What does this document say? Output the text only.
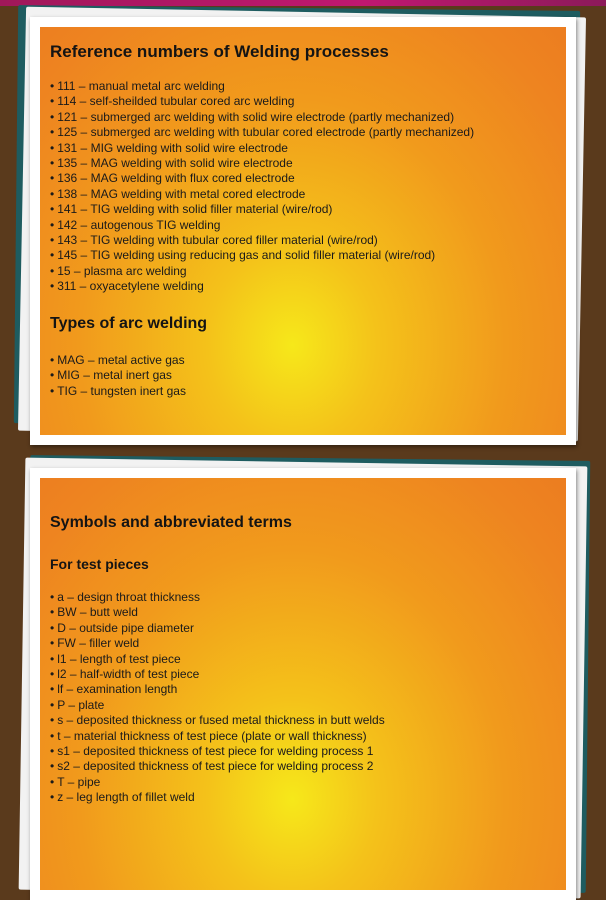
Reference numbers of Welding processes
• 111 – manual metal arc welding
• 114 – self-sheilded tubular cored arc welding
• 121 – submerged arc welding with solid wire electrode (partly mechanized)
• 125 – submerged arc welding with tubular cored electrode (partly mechanized)
• 131 – MIG welding with solid wire electrode
• 135 – MAG welding with solid wire electrode
• 136 – MAG welding with flux cored electrode
• 138 – MAG welding with metal cored electrode
• 141 – TIG welding with solid filler material (wire/rod)
• 142 – autogenous TIG welding
• 143 – TIG welding with tubular cored filler material (wire/rod)
• 145 – TIG welding using reducing gas and solid filler material (wire/rod)
• 15 – plasma arc welding
• 311 – oxyacetylene welding
Types of arc welding
• MAG – metal active gas
• MIG – metal inert gas
• TIG – tungsten inert gas
Symbols and abbreviated terms
For test pieces
• a – design throat thickness
• BW – butt weld
• D – outside pipe diameter
• FW – filler weld
• l1 – length of test piece
• l2 – half-width of test piece
• lf – examination length
• P – plate
• s – deposited thickness or fused metal thickness in butt welds
• t – material thickness of test piece (plate or wall thickness)
• s1 – deposited thickness of test piece for welding process 1
• s2 – deposited thickness of test piece for welding process 2
• T – pipe
• z – leg length of fillet weld
